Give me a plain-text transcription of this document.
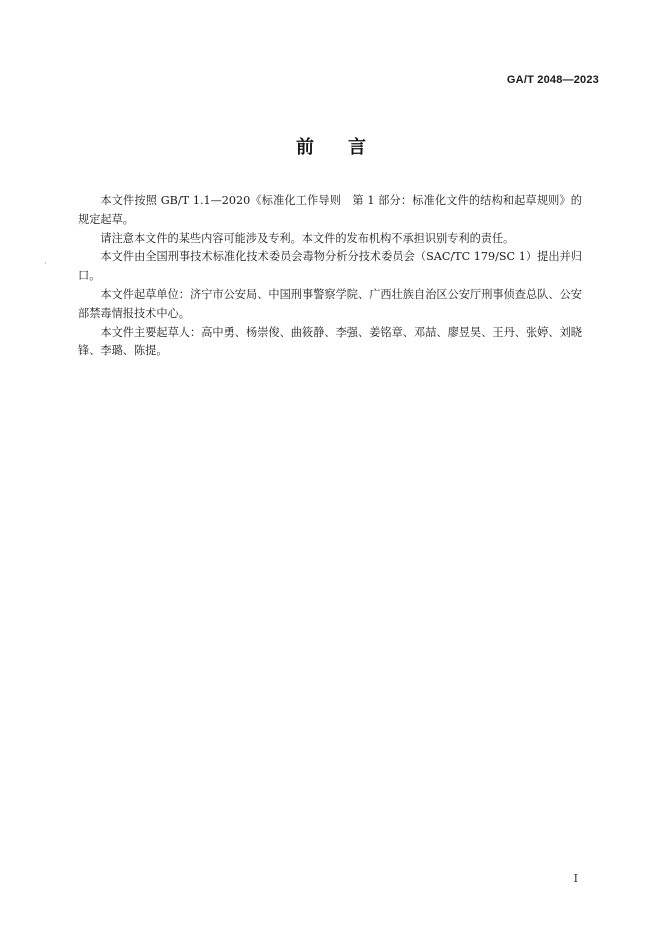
GA/T 2048—2023
前 言

本文件按照 GB/T 1.1—2020《标准化工作导则　第 1 部分：标准化文件的结构和起草规则》的规定起草。

请注意本文件的某些内容可能涉及专利。本文件的发布机构不承担识别专利的责任。

本文件由全国刑事技术标准化技术委员会毒物分析分技术委员会（SAC/TC 179/SC 1）提出并归口。

本文件起草单位：济宁市公安局、中国刑事警察学院、广西壮族自治区公安厅刑事侦查总队、公安部禁毒情报技术中心。

本文件主要起草人：高中勇、杨崇俊、曲筱静、李强、姜铭章、邓喆、廖昱昊、王丹、张婷、刘晓锋、李璐、陈提。

I
